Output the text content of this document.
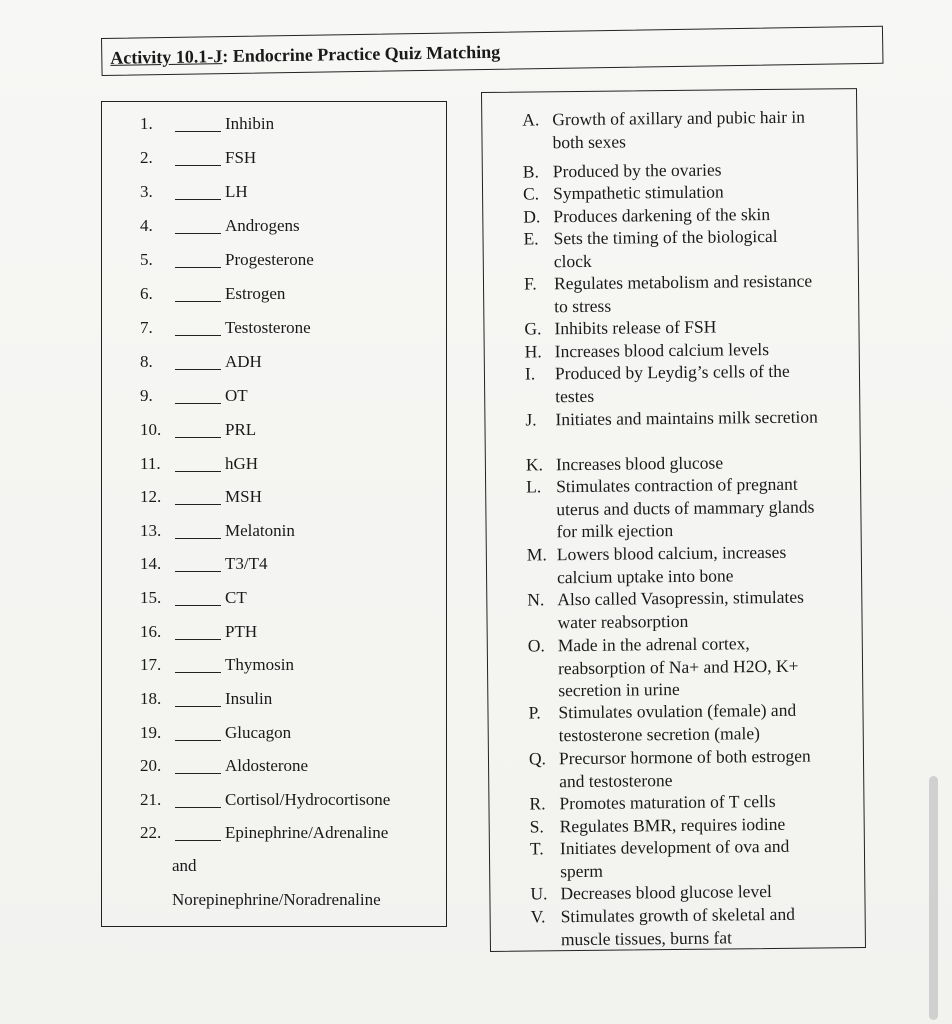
Activity 10.1-J: Endocrine Practice Quiz Matching
1.	Inhibin
2.	FSH
3.	LH
4.	Androgens
5.	Progesterone
6.	Estrogen
7.	Testosterone
8.	ADH
9.	OT
10.	PRL
11.	hGH
12.	MSH
13.	Melatonin
14.	T3/T4
15.	CT
16.	PTH
17.	Thymosin
18.	Insulin
19.	Glucagon
20.	Aldosterone
21.	Cortisol/Hydrocortisone
22.	Epinephrine/Adrenaline
and
Norepinephrine/Noradrenaline
A. Growth of axillary and pubic hair in both sexes
B. Produced by the ovaries
C. Sympathetic stimulation
D. Produces darkening of the skin
E. Sets the timing of the biological clock
F. Regulates metabolism and resistance to stress
G. Inhibits release of FSH
H. Increases blood calcium levels
I.	Produced by Leydig’s cells of the testes
J.	Initiates and maintains milk secretion
K. Increases blood glucose
L. Stimulates contraction of pregnant uterus and ducts of mammary glands for milk ejection
M. Lowers blood calcium, increases calcium uptake into bone
N. Also called Vasopressin, stimulates water reabsorption
O. Made in the adrenal cortex, reabsorption of Na+ and H2O, K+ secretion in urine
P.	Stimulates ovulation (female) and testosterone secretion (male)
Q. Precursor hormone of both estrogen and testosterone
R. Promotes maturation of T cells
S. Regulates BMR, requires iodine
T. Initiates development of ova and sperm
U. Decreases blood glucose level
V. Stimulates growth of skeletal and muscle tissues, burns fat
